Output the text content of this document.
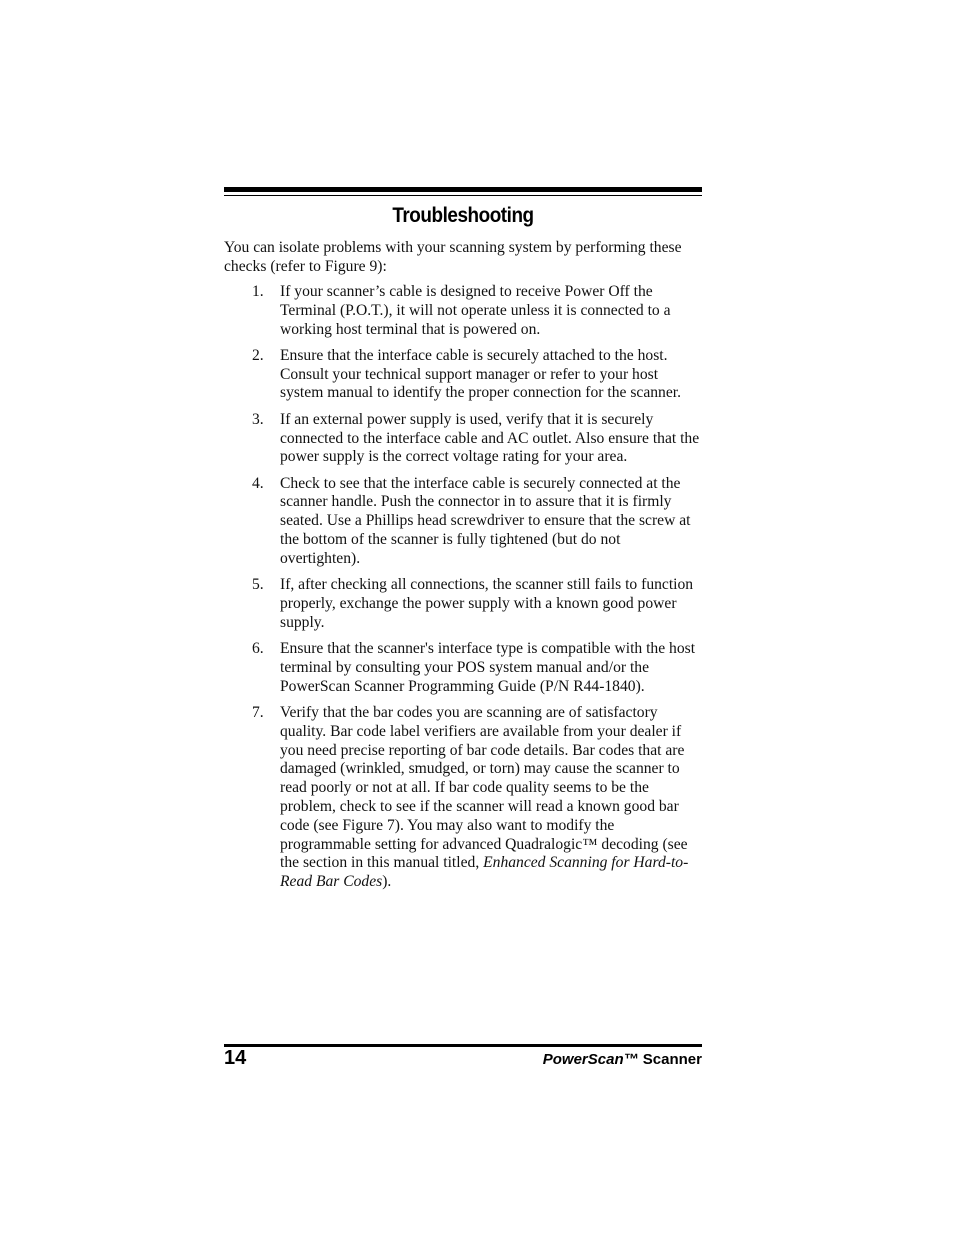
Troubleshooting

You can isolate problems with your scanning system by performing these checks (refer to Figure 9):

1. If your scanner’s cable is designed to receive Power Off the Terminal (P.O.T.), it will not operate unless it is connected to a working host terminal that is powered on.
2. Ensure that the interface cable is securely attached to the host. Consult your technical support manager or refer to your host system manual to identify the proper connection for the scanner.
3. If an external power supply is used, verify that it is securely connected to the interface cable and AC outlet. Also ensure that the power supply is the correct voltage rating for your area.
4. Check to see that the interface cable is securely connected at the scanner handle. Push the connector in to assure that it is firmly seated. Use a Phillips head screwdriver to ensure that the screw at the bottom of the scanner is fully tightened (but do not overtighten).
5. If, after checking all connections, the scanner still fails to function properly, exchange the power supply with a known good power supply.
6. Ensure that the scanner's interface type is compatible with the host terminal by consulting your POS system manual and/or the PowerScan Scanner Programming Guide (P/N R44-1840).
7. Verify that the bar codes you are scanning are of satisfactory quality. Bar code label verifiers are available from your dealer if you need precise reporting of bar code details. Bar codes that are damaged (wrinkled, smudged, or torn) may cause the scanner to read poorly or not at all. If bar code quality seems to be the problem, check to see if the scanner will read a known good bar code (see Figure 7). You may also want to modify the programmable setting for advanced Quadralogic™ decoding (see the section in this manual titled, Enhanced Scanning for Hard-to-Read Bar Codes).
14	PowerScan™ Scanner
